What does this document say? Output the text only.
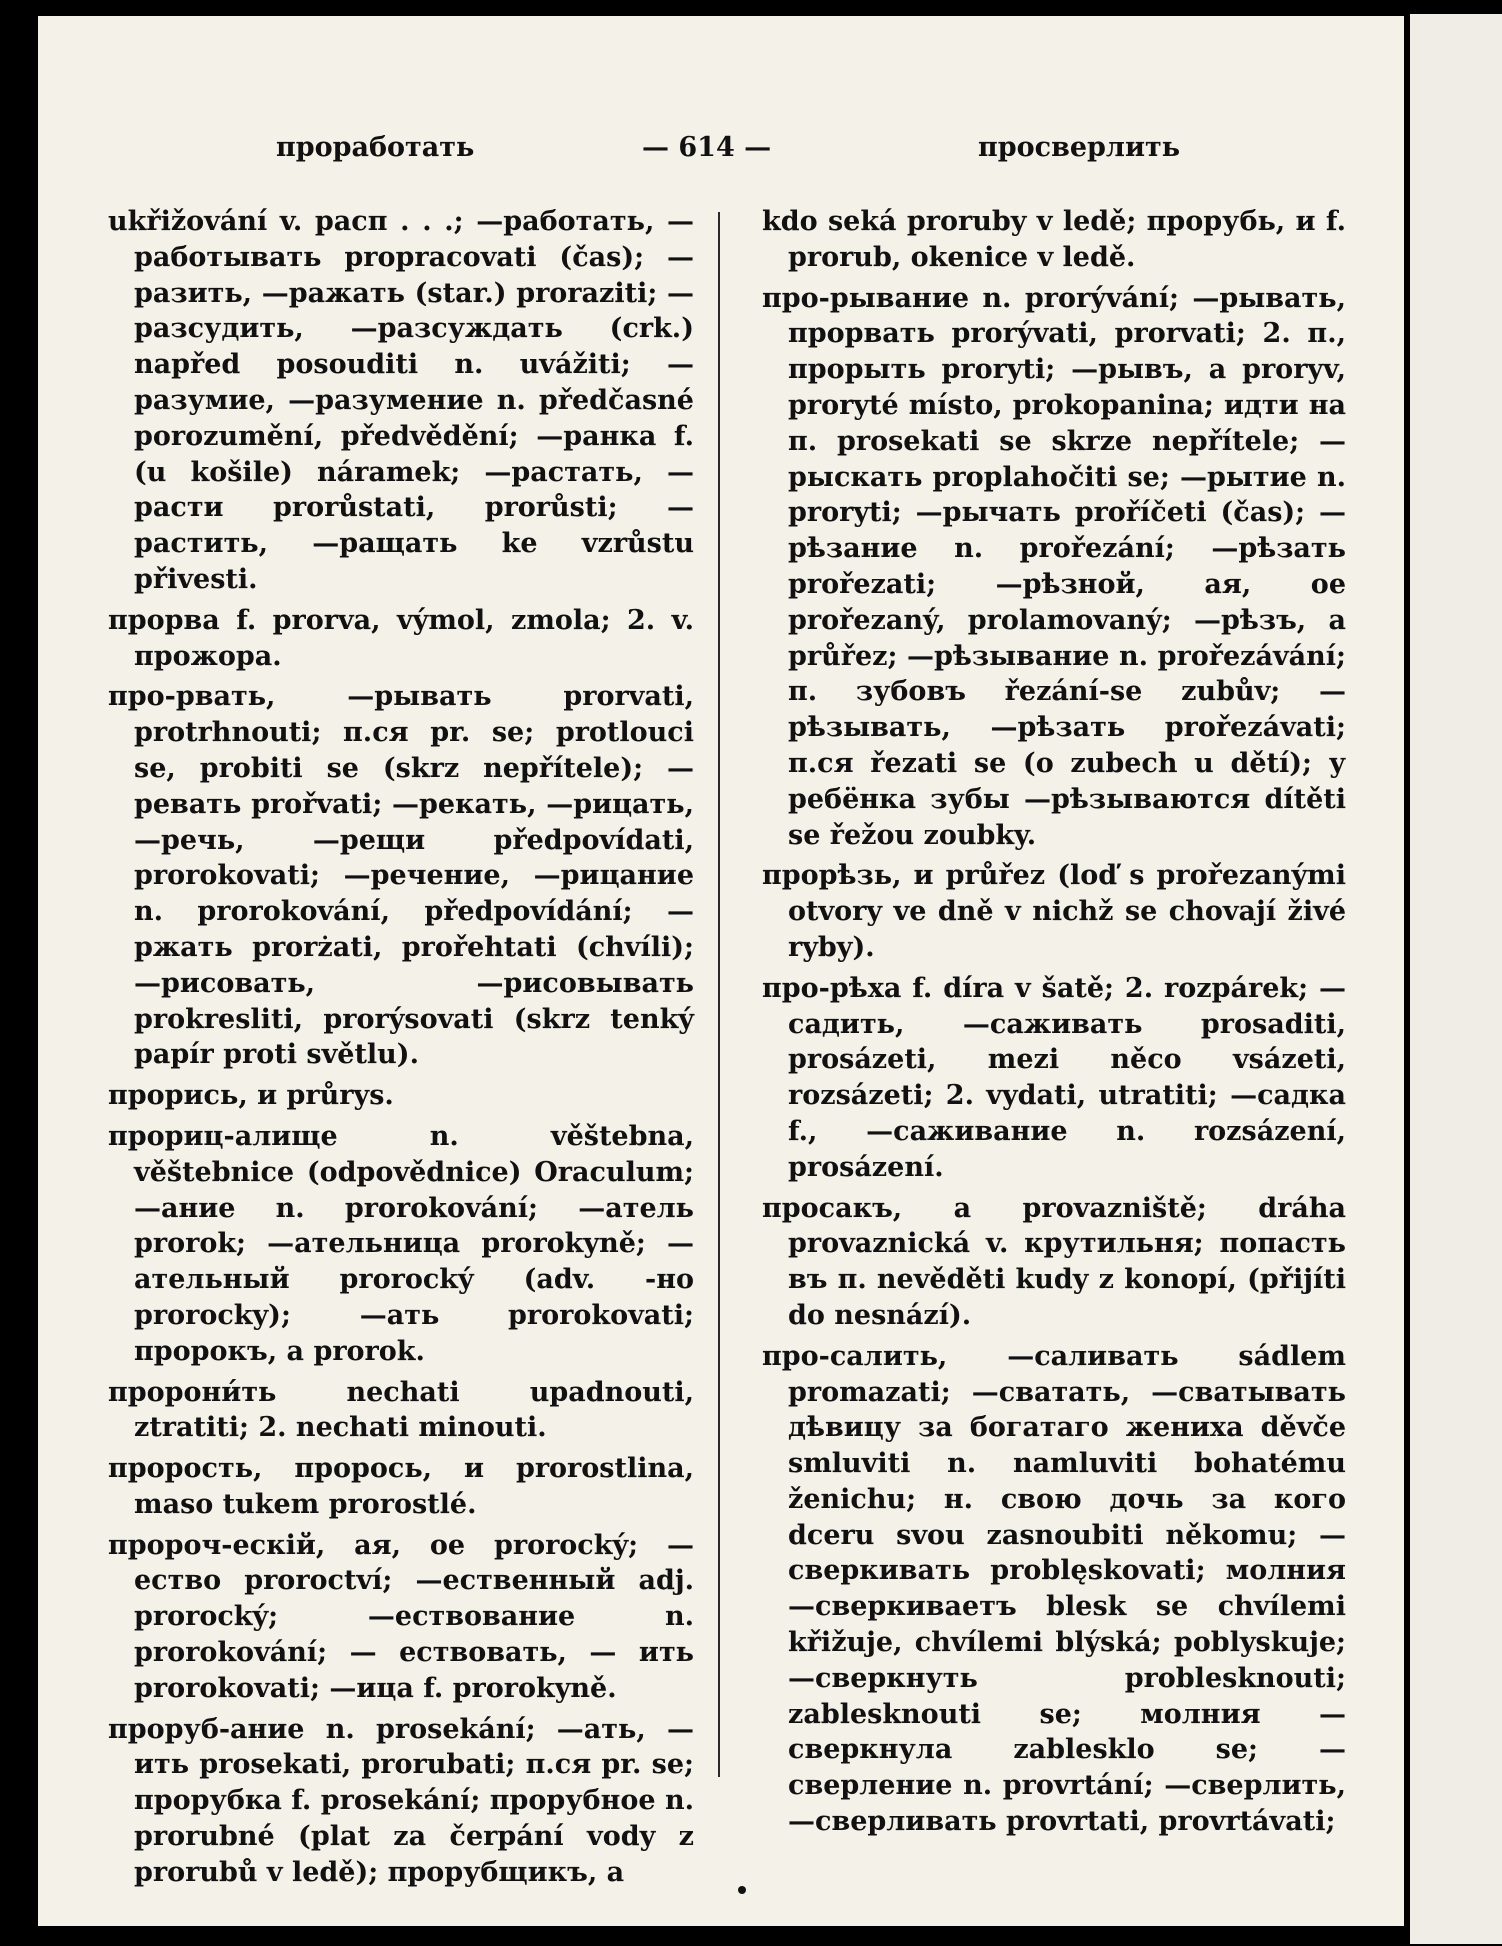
проработать	— 614 —	просверлить

ukřižování v. расп . . .; —работать, —работывать propracovati (čas); —разить, —ражать (star.) proraziti; —разсудить, —разсуждать (crk.) napřed posouditi n. uvážiti; —разумие, —разумение n. předčasné porozumění, předvědění; —ранка f. (u košile) náramek; —растать, —расти prorůstati, prorůsti; —растить, —ращать ke vzrůstu přivesti.

прорва f. prorva, výmol, zmola; 2. v. прожора.

про-рвать, —рывать prorvati, protrhnouti; п.ся pr. se; protlouci se, probiti se (skrz nepřítele); —ревать prořvati; —рекать, —рицать, —речь, —рещи předpovídati, prorokovati; —речение, —рицание n. prorokování, předpovídání; —ржать prorżati, prořehtati (chvíli); —рисовать, —рисовывать prokresliti, prorýsovati (skrz tenký papír proti světlu).

прорись, и průrys.

прориц-алище n. věštebna, věštebnice (odpovědnice) Oraculum; —ание n. prorokování; —атель prorok; —ательница prorokyně; —ательный prorocký (adv. -но prorocky); —ать prorokovati; пророкъ, a prorok.

пророни́ть nechati upadnouti, ztratiti; 2. nechati minouti.

прорость, прорось, и prorostlina, maso tukem prorostlé.

пророч-ескій, ая, ое prorocký; —ество proroctví; —ественный adj. prorocký; —ествование n. prorokování; — ествовать, — ить prorokovati; —ица f. prorokyně.

проруб-ание n. prosekání; —ать, —ить prosekati, prorubati; п.ся pr. se; прорубка f. prosekání; прорубное n. prorubné (plat za čerpání vody z prorubů v ledě); прорубщикъ, a

kdo seká proruby v ledě; прорубь, и f. prorub, okenice v ledě.

про-рывание n. prorývání; —рывать, прорвать prorývati, prorvati; 2. п., прорыть proryti; —рывъ, a proryv, proryté místo, prokopanina; идти на п. prosekati se skrze nepřítele; —рыскать proplahočiti se; —рытие n. proryti; —рычать proříčeti (čas); —рѣзание n. prořezání; —рѣзать prořezati; —рѣзной, ая, ое prořezaný, prolamovaný; —рѣзъ, a průřez; —рѣзывание n. prořezávání; п. зубовъ řezání-se zubův; —рѣзывать, —рѣзать prořezávati; п.ся řezati se (o zubech u dětí); у ребёнка зубы —рѣзываются dítěti se řežou zoubky.

прорѣзь, и průřez (loď s prořezanými otvory ve dně v nichž se chovají živé ryby).

про-рѣха f. díra v šatě; 2. rozpárek; —садить, —саживать prosaditi, prosázeti, mezi něco vsázeti, rozsázeti; 2. vydati, utratiti; —садка f., —саживание n. rozsázení, prosázení.

просакъ, a provazniště; dráha provaznická v. крутильня; попасть въ п. nevěděti kudy z konopí, (přijíti do nesnází).

про-салить, —саливать sádlem promazati; —сватать, —сватывать дѣвицу за богатаго жениха děvče smluviti n. namluviti bohatému ženichu; н. свою дочь за кого dceru svou zasnoubiti někomu; —сверкивать problęskovati; молния —сверкиваетъ blesk se chvílemi křižuje, chvílemi blýská; poblyskuje; —сверкнуть problesknouti; zablesknouti se; молния —сверкнула zablesklo se; —сверление n. provrtání; —сверлить, —сверливать provrtati, provrtávati;
